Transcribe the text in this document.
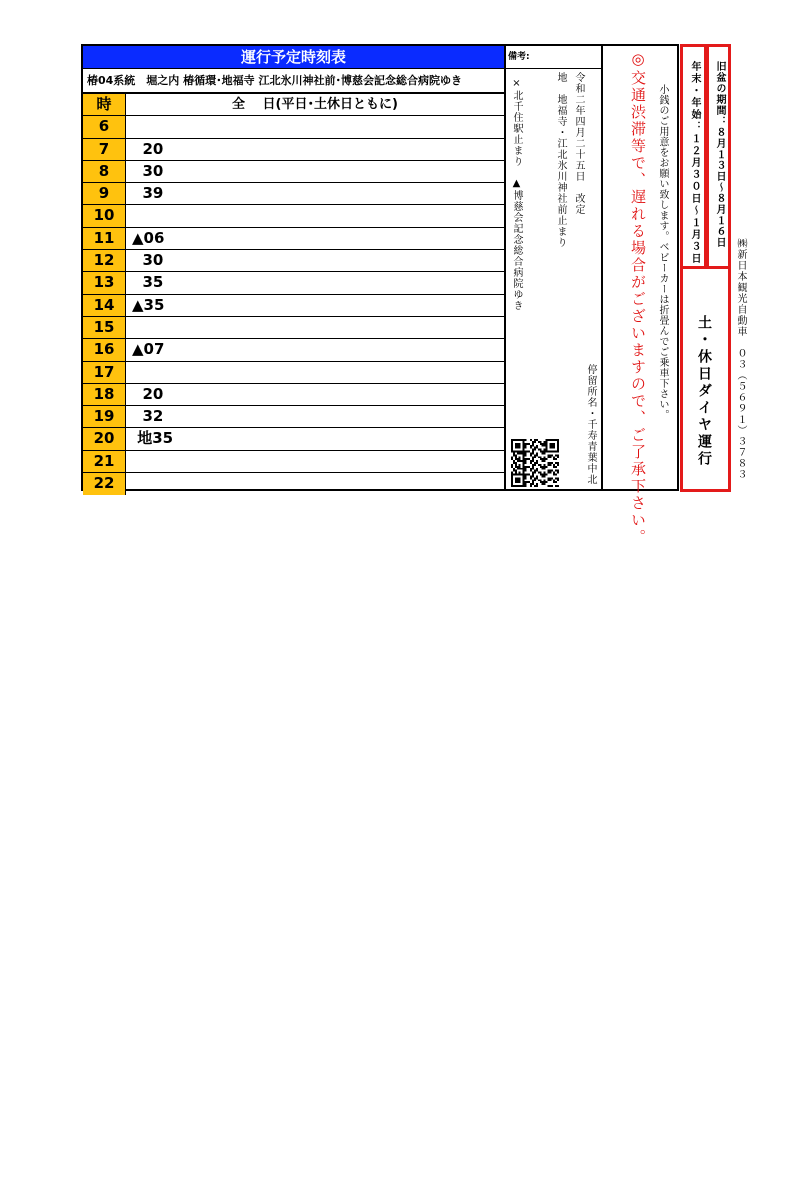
運行予定時刻表
椿04系統　堀之内 椿循環･地福寺 江北氷川神社前･博慈会記念総合病院ゆき
時	全　 日(平日･土休日ともに)
6
7	20
8	30
9	39
10
11	▲06
12	30
13	35
14	▲35
15
16	▲07
17
18	20
19	32
20	地35
21
22
備考:
令和二年四月二十五日　改定
地　地福寺・江北氷川神社前止まり
×北千住駅止まり　▲博慈会記念総合病院ゆき
停留所名・千寿青葉中北 ◎交通渋滞等で、遅れる場合がございますので、ご了承下さい。 小銭のご用意をお願い致します。ベビーカーは折畳んでご乗車下さい。 年末・年始：１２月３０日～１月３日 旧盆の期間：８月１３日～８月１６日
土・休日ダイヤ運行 ㈱新日本観光自動車　０３（５６９１）３７８３
